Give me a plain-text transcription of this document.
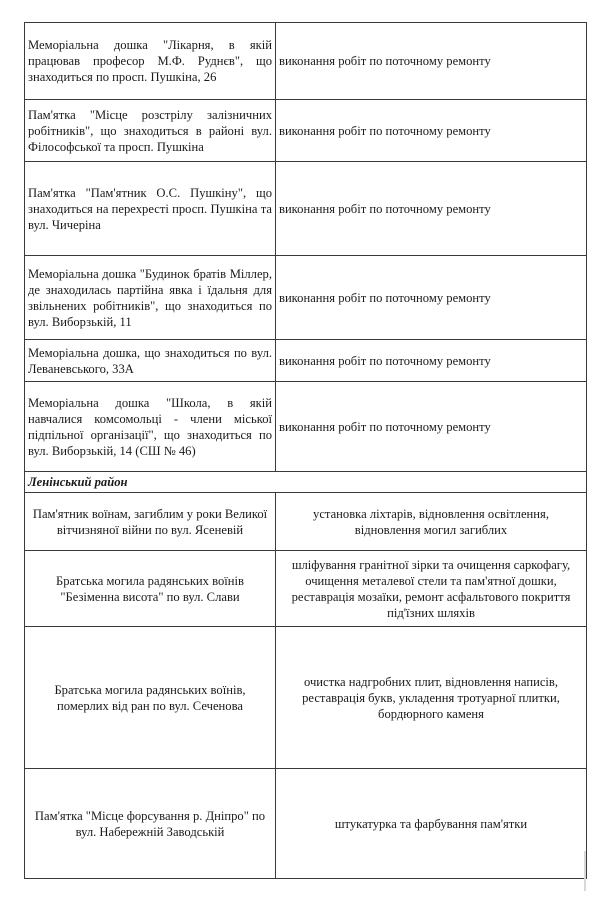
Меморіальна дошка "Лікарня, в якій працював професор М.Ф. Руднєв", що знаходиться по просп. Пушкіна, 26	виконання робіт по поточному ремонту
Пам'ятка "Місце розстрілу залізничних робітників", що знаходиться в районі вул. Філософської та просп. Пушкіна	виконання робіт по поточному ремонту
Пам'ятка "Пам'ятник О.С. Пушкіну", що знаходиться на перехресті просп. Пушкіна та вул. Чичеріна	виконання робіт по поточному ремонту
Меморіальна дошка "Будинок братів Міллер, де знаходилась партійна явка і їдальня для звільнених робітників", що знаходиться по вул. Виборзькій, 11	виконання робіт по поточному ремонту
Меморіальна дошка, що знаходиться по вул. Леваневського, 33А	виконання робіт по поточному ремонту
Меморіальна дошка "Школа, в якій навчалися комсомольці - члени міської підпільної організації", що знаходиться по вул. Виборзькій, 14 (СШ № 46)	виконання робіт по поточному ремонту
Ленінський район	
Пам'ятник воїнам, загиблим у роки Великої вітчизняної війни по вул. Ясеневій	установка ліхтарів, відновлення освітлення, відновлення могил загиблих
Братська могила радянських воїнів "Безіменна висота" по вул. Слави	шліфування гранітної зірки та очищення саркофагу, очищення металевої стели та пам'ятної дошки, реставрація мозаїки, ремонт асфальтового покриття під'їзних шляхів
Братська могила радянських воїнів, померлих від ран по вул. Сеченова	очистка надгробних плит, відновлення написів, реставрація букв, укладення тротуарної плитки, бордюрного каменя
Пам'ятка "Місце форсування р. Дніпро" по вул. Набережній Заводській	штукатурка та фарбування пам'ятки
